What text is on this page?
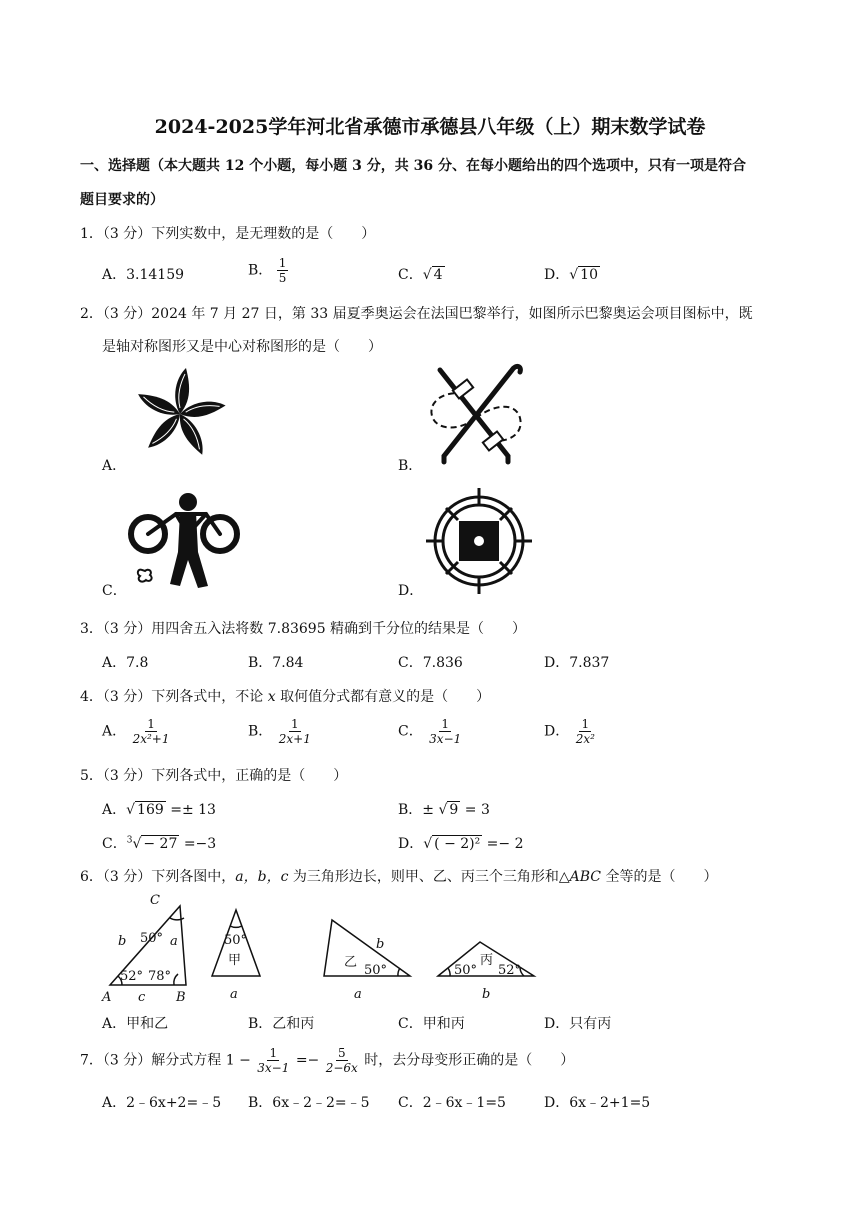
2024-2025学年河北省承德市承德县八年级（上）期末数学试卷
一、选择题（本大题共 12 个小题，每小题 3 分，共 36 分、在每小题给出的四个选项中，只有一项是符合
题目要求的）
1．（3 分）下列实数中，是无理数的是（　　）
A．3.14159	B． $\frac{1}{5}$	C．√ 4	D．√ 10
2．（3 分）2024 年 7 月 27 日，第 33 届夏季奥运会在法国巴黎举行，如图所示巴黎奥运会项目图标中，既
是轴对称图形又是中心对称图形的是（　　）
A．	B．
C．	D．
3．（3 分）用四舍五入法将数 7.83695 精确到千分位的结果是（　　）
A．7.8	B．7.84	C．7.836	D．7.837
4．（3 分）下列各式中，不论 x 取何值分式都有意义的是（　　）
A． $\frac{1}{\text{2x²+1}}$	B． $\frac{1}{2x+1}$	C． $\frac{1}{3x-1}$	D． $\frac{1}{\text{2x²}}$
5．（3 分）下列各式中，正确的是（　　）
A．√ 169 =± 13	B．± √ 9 = 3
C．$^3$√ − 27 =−3	D．√ ( − 2)² =− 2
6．（3 分）下列各图中，a，b，c 为三角形边长，则甲、乙、丙三个三角形和△ABC 全等的是（　　）
C
A	B
b	a
c
50°
52° 78°
50°
甲
a
b
乙
50°
a
50°
丙
52°
b
A．甲和乙	B．乙和丙	C．甲和丙	D．只有丙
7．（3 分）解分式方程 $1 - \frac{1}{3x-1} =- \frac{5}{2-6x}$ 时，去分母变形正确的是（　　）
A．2﹣6x+2=﹣5 B．6x﹣2﹣2=﹣5 C．2﹣6x﹣1=5	D．6x﹣2+1=5
